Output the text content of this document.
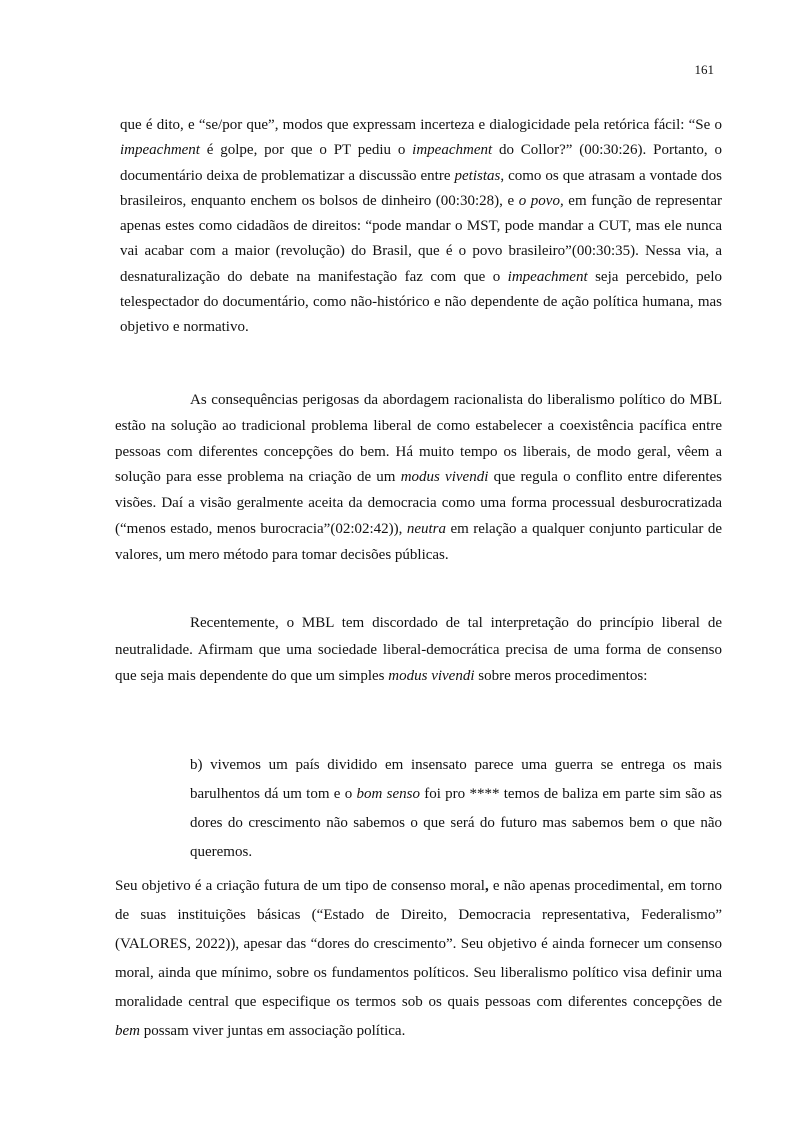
161

que é dito, e “se/por que”, modos que expressam incerteza e dialogicidade pela retórica fácil: “Se o impeachment é golpe, por que o PT pediu o impeachment do Collor?” (00:30:26). Portanto, o documentário deixa de problematizar a discussão entre petistas, como os que atrasam a vontade dos brasileiros, enquanto enchem os bolsos de dinheiro (00:30:28), e o povo, em função de representar apenas estes como cidadãos de direitos: “pode mandar o MST, pode mandar a CUT, mas ele nunca vai acabar com a maior (revolução) do Brasil, que é o povo brasileiro”(00:30:35). Nessa via, a desnaturalização do debate na manifestação faz com que o impeachment seja percebido, pelo telespectador do documentário, como não-histórico e não dependente de ação política humana, mas objetivo e normativo.

As consequências perigosas da abordagem racionalista do liberalismo político do MBL estão na solução ao tradicional problema liberal de como estabelecer a coexistência pacífica entre pessoas com diferentes concepções do bem. Há muito tempo os liberais, de modo geral, vêem a solução para esse problema na criação de um modus vivendi que regula o conflito entre diferentes visões. Daí a visão geralmente aceita da democracia como uma forma processual desburocratizada (“menos estado, menos burocracia”(02:02:42)), neutra em relação a qualquer conjunto particular de valores, um mero método para tomar decisões públicas.

Recentemente, o MBL tem discordado de tal interpretação do princípio liberal de neutralidade. Afirmam que uma sociedade liberal-democrática precisa de uma forma de consenso que seja mais dependente do que um simples modus vivendi sobre meros procedimentos:

b) vivemos um país dividido em insensato parece uma guerra se entrega os mais barulhentos dá um tom e o bom senso foi pro **** temos de baliza em parte sim são as dores do crescimento não sabemos o que será do futuro mas sabemos bem o que não queremos.

Seu objetivo é a criação futura de um tipo de consenso moral, e não apenas procedimental, em torno de suas instituições básicas (“Estado de Direito, Democracia representativa, Federalismo” (VALORES, 2022)), apesar das “dores do crescimento”. Seu objetivo é ainda fornecer um consenso moral, ainda que mínimo, sobre os fundamentos políticos. Seu liberalismo político visa definir uma moralidade central que especifique os termos sob os quais pessoas com diferentes concepções de bem possam viver juntas em associação política.
